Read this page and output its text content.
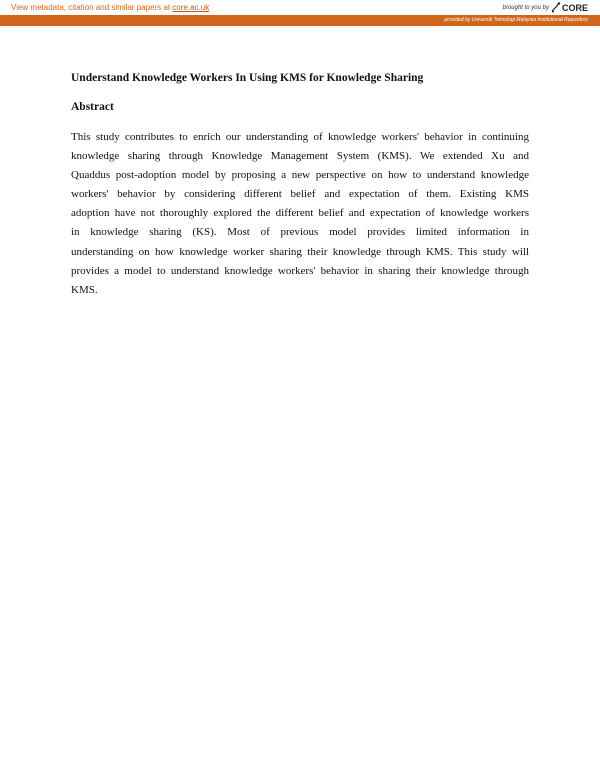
View metadata, citation and similar papers at core.ac.uk	brought to you by CORE
provided by Universiti Teknologi Malaysia Institutional Repository
Understand Knowledge Workers In Using KMS for Knowledge Sharing
Abstract
This study contributes to enrich our understanding of knowledge workers' behavior in continuing
knowledge sharing through Knowledge Management System (KMS). We extended Xu and
Quaddus post-adoption model by proposing a new perspective on how to understand knowledge
workers' behavior by considering different belief and expectation of them. Existing KMS
adoption have not thoroughly explored the different belief and expectation of knowledge workers
in knowledge sharing (KS). Most of previous model provides limited information in
understanding on how knowledge worker sharing their knowledge through KMS. This study will
provides a model to understand knowledge workers' behavior in sharing their knowledge through
KMS.
